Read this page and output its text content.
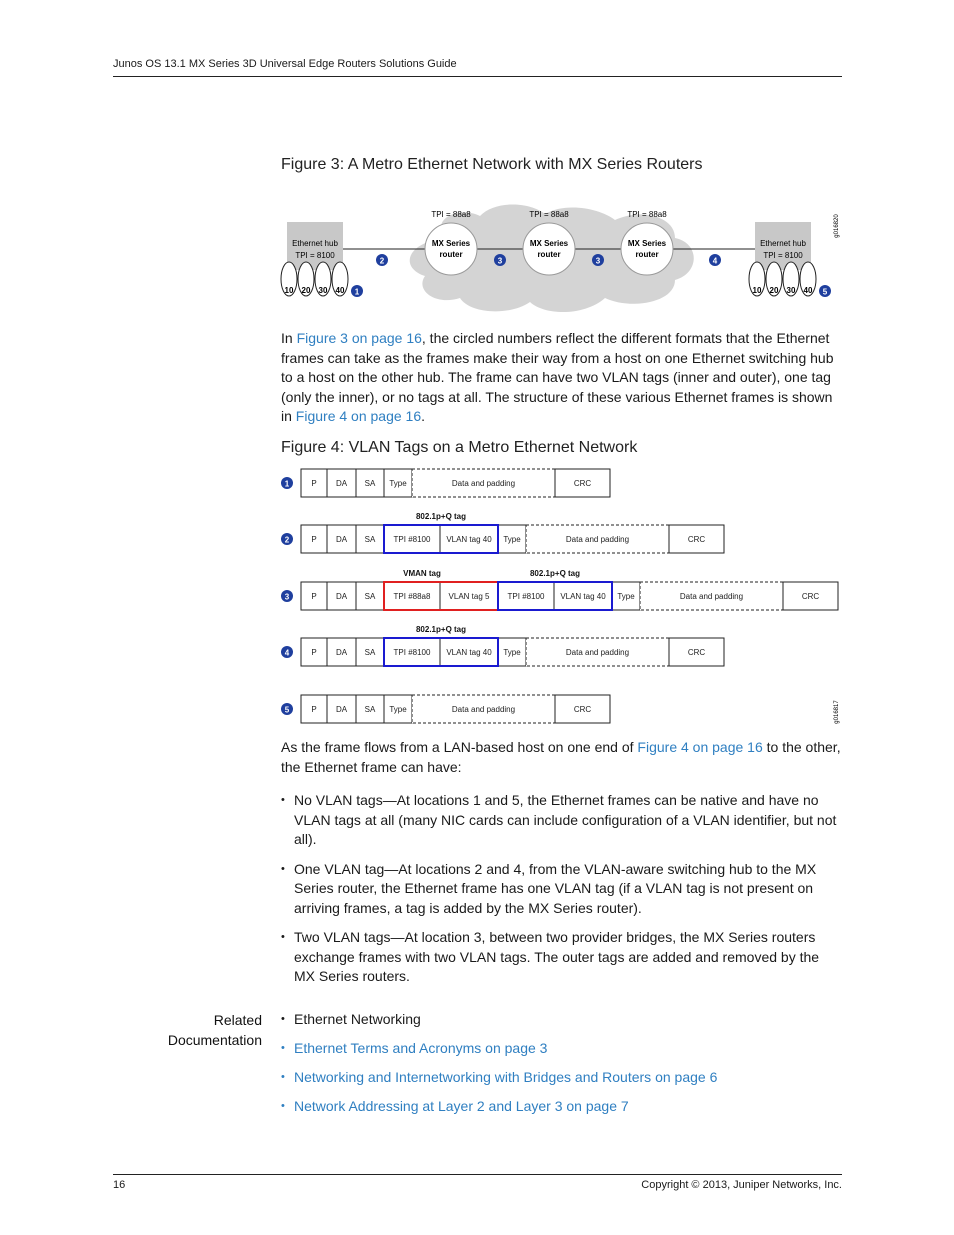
Junos OS 13.1 MX Series 3D Universal Edge Routers Solutions Guide
Figure 3: A Metro Ethernet Network with MX Series Routers
Ethernet hub
TPI = 8100
Ethernet hub
TPI = 8100
MX Series
router
TPI = 88a8
MX Series
router
TPI = 88a8
MX Series
router
TPI = 88a8
10 20 30 40	10 20 30 40
1
2	3	3	4
5
g016820
In Figure 3 on page 16, the circled numbers reflect the different formats that the Ethernet frames can take as the frames make their way from a host on one Ethernet switching hub to a host on the other hub. The frame can have two VLAN tags (inner and outer), one tag (only the inner), or no tags at all. The structure of these various Ethernet frames is shown in Figure 4 on page 16.
Figure 4: VLAN Tags on a Metro Ethernet Network
1	P DA SA Type	Data and padding	CRC
2	P DA SA TPI #8100 VLAN tag 40 Type	Data and padding	CRC
802.1p+Q tag
3	P DA SA TPI #88a8 VLAN tag 5 TPI #8100 VLAN tag 40 Type	Data and padding	CRC
VMAN tag	802.1p+Q tag
4	P DA SA TPI #8100 VLAN tag 40 Type	Data and padding	CRC
802.1p+Q tag
5	P DA SA Type	Data and padding	CRC	g016817
As the frame flows from a LAN-based host on one end of Figure 4 on page 16 to the other, the Ethernet frame can have:
• No VLAN tags—At locations 1 and 5, the Ethernet frames can be native and have no VLAN tags at all (many NIC cards can include configuration of a VLAN identifier, but not all).
• One VLAN tag—At locations 2 and 4, from the VLAN-aware switching hub to the MX Series router, the Ethernet frame has one VLAN tag (if a VLAN tag is not present on arriving frames, a tag is added by the MX Series router).
• Two VLAN tags—At location 3, between two provider bridges, the MX Series routers exchange frames with two VLAN tags. The outer tags are added and removed by the MX Series routers.
Related
Documentation
• Ethernet Networking
• Ethernet Terms and Acronyms on page 3
• Networking and Internetworking with Bridges and Routers on page 6
• Network Addressing at Layer 2 and Layer 3 on page 7
16	Copyright © 2013, Juniper Networks, Inc.
